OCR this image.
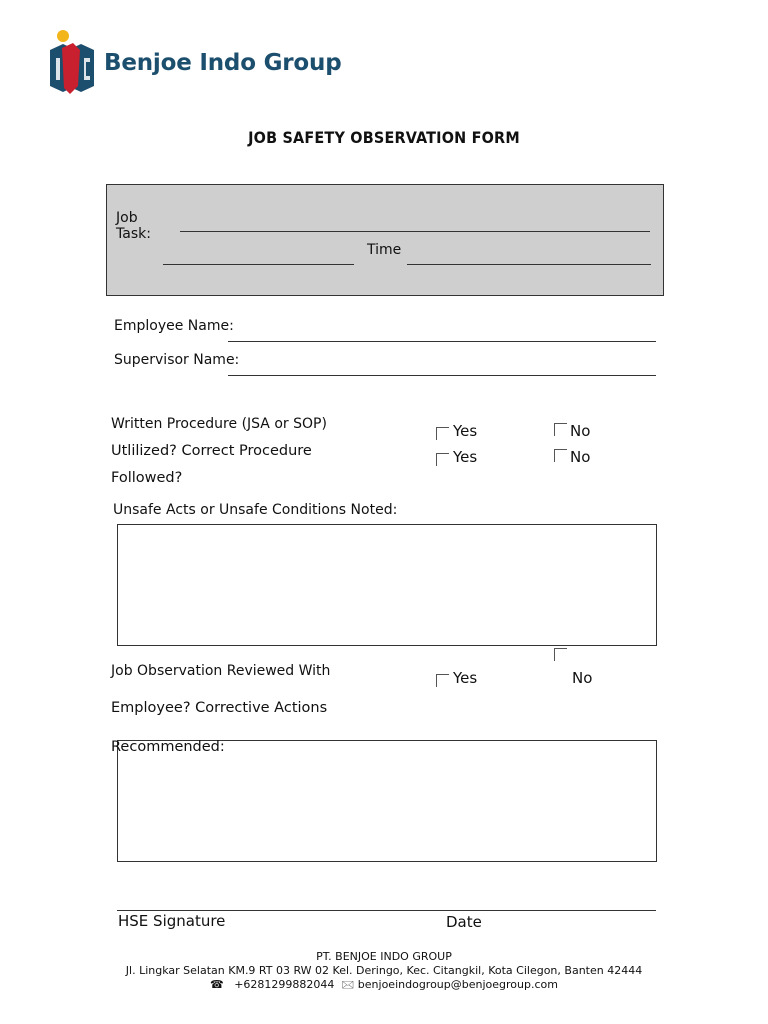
Benjoe Indo Group
JOB SAFETY OBSERVATION FORM
Job
Task:
Time
Employee Name:
Supervisor Name:
Written Procedure (JSA or SOP)
Utlilized? Correct Procedure
Followed?
Yes	No
Yes	No
Unsafe Acts or Unsafe Conditions Noted:
Job Observation Reviewed With
Employee? Corrective Actions
Yes	No
Recommended:
HSE Signature	Date
PT. BENJOE INDO GROUP
Jl. Lingkar Selatan KM.9 RT 03 RW 02 Kel. Deringo, Kec. Citangkil, Kota Cilegon, Banten 42444
☎ +6281299882044 🖂 benjoeindogroup@benjoegroup.com
